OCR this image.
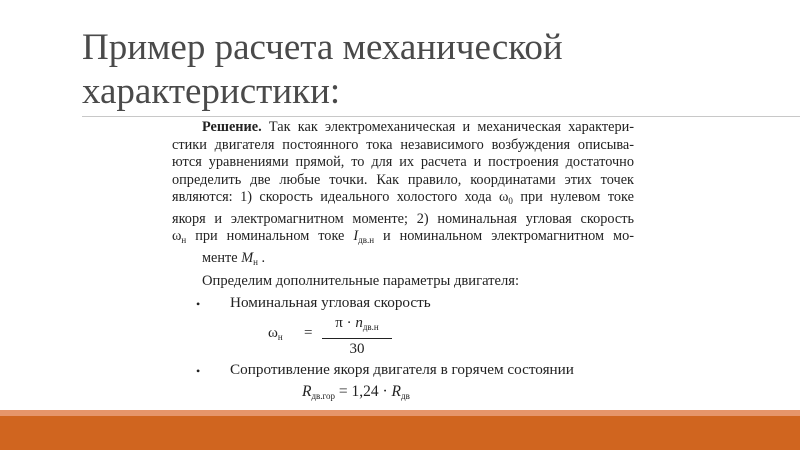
Пример расчета механической
характеристики:
Решение. Так как электромеханическая и механическая характери-
стики двигателя постоянного тока независимого возбуждения описыва-
ются уравнениями прямой, то для их расчета и построения достаточно
определить две любые точки. Как правило, координатами этих точек
являются: 1) скорость идеального холостого хода $\omega_0$ при нулевом токе
якоря и электромагнитном моменте; 2) номинальная угловая скорость
$\omega_н$ при номинальном токе $I_{дв.н}$ и номинальном электромагнитном мо-
менте $M_н$ .
Определим дополнительные параметры двигателя:
• Номинальная угловая скорость
$\omega_н$ =
$\pi \cdot n_{дв.н}$
30
• Сопротивление якоря двигателя в горячем состоянии
$R_{дв.гор} = 1,24 \cdot R_{дв}$
